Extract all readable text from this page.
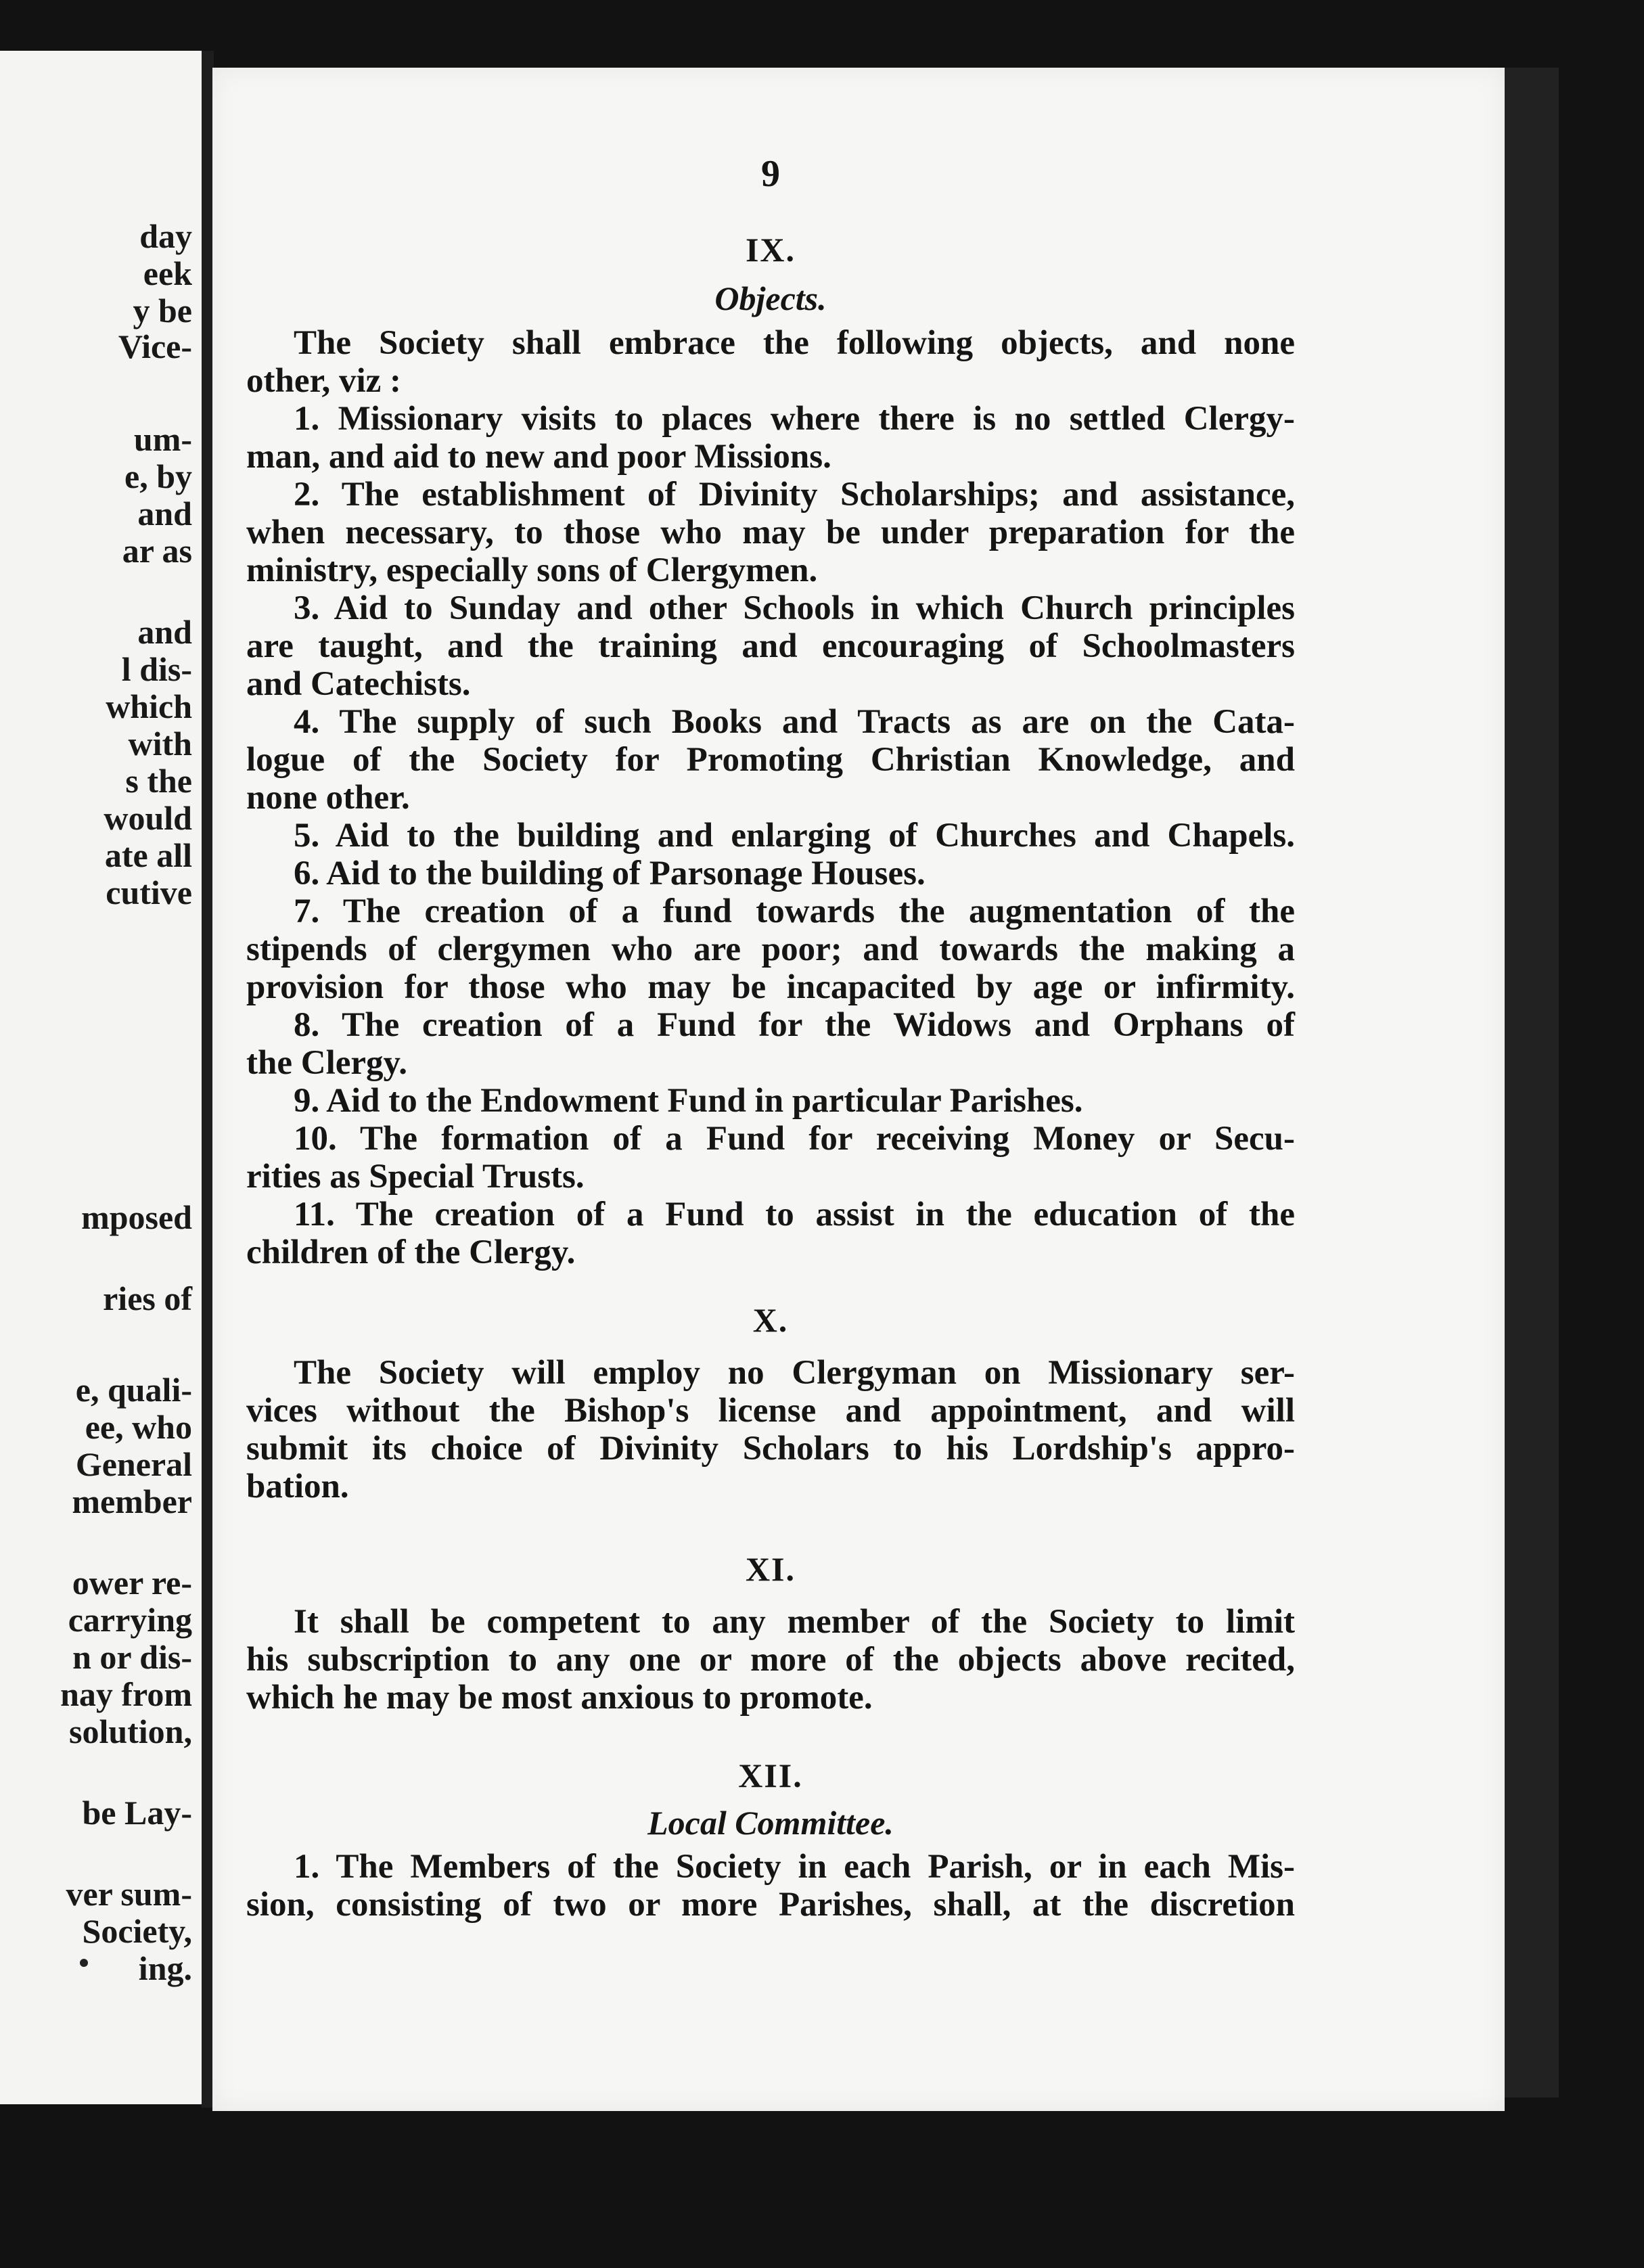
day
eek
y be
Vice-
um-
e, by
and
ar as
and
l dis-
which
with
s the
would
ate all
cutive
mposed
ries of
e, quali-
ee, who
General
member
ower re-
carrying
n or dis-
nay from
solution,
be Lay-
ver sum-
Society,
ing.
9
IX.
Objects.
The Society shall embrace the following objects, and none
other, viz :
1. Missionary visits to places where there is no settled Clergy-
man, and aid to new and poor Missions.
2. The establishment of Divinity Scholarships; and assistance,
when necessary, to those who may be under preparation for the
ministry, especially sons of Clergymen.
3. Aid to Sunday and other Schools in which Church principles
are taught, and the training and encouraging of Schoolmasters
and Catechists.
4. The supply of such Books and Tracts as are on the Cata-
logue of the Society for Promoting Christian Knowledge, and
none other.
5. Aid to the building and enlarging of Churches and Chapels.
6. Aid to the building of Parsonage Houses.
7. The creation of a fund towards the augmentation of the
stipends of clergymen who are poor; and towards the making a
provision for those who may be incapacited by age or infirmity.
8. The creation of a Fund for the Widows and Orphans of
the Clergy.
9. Aid to the Endowment Fund in particular Parishes.
10. The formation of a Fund for receiving Money or Secu-
rities as Special Trusts.
11. The creation of a Fund to assist in the education of the
children of the Clergy.
X.
The Society will employ no Clergyman on Missionary ser-
vices without the Bishop's license and appointment, and will
submit its choice of Divinity Scholars to his Lordship's appro-
bation.
XI.
It shall be competent to any member of the Society to limit
his subscription to any one or more of the objects above recited,
which he may be most anxious to promote.
XII.
Local Committee.
1. The Members of the Society in each Parish, or in each Mis-
sion, consisting of two or more Parishes, shall, at the discretion
